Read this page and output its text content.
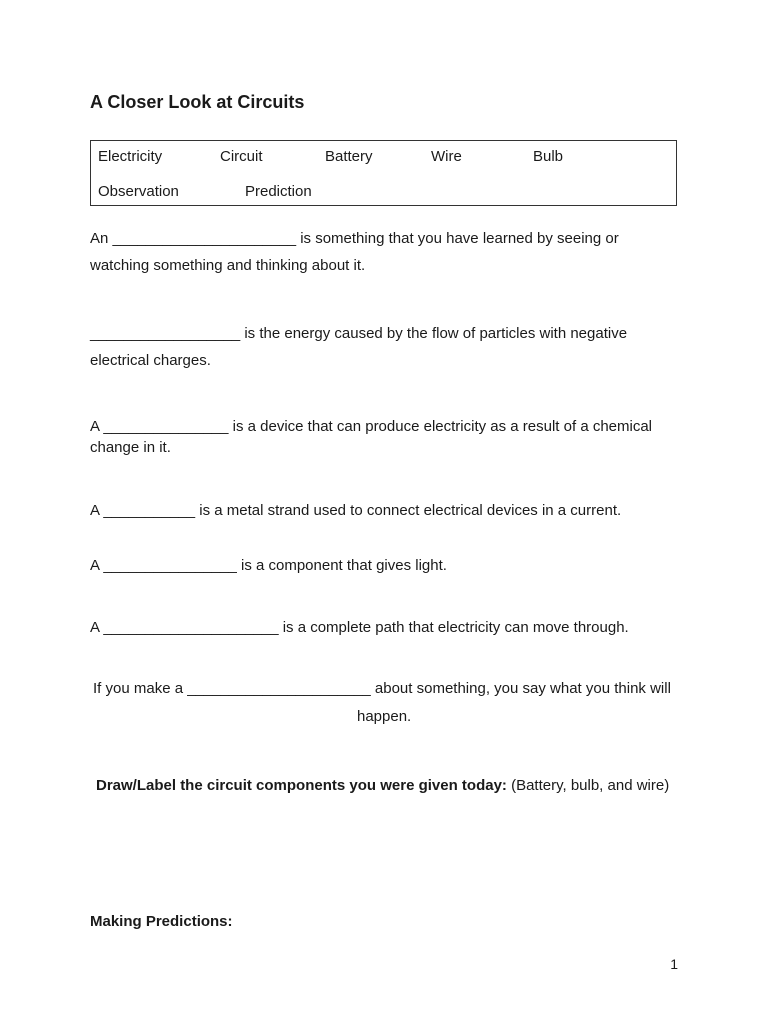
A Closer Look at Circuits
Electricity	Circuit	Battery	Wire	Bulb
Observation	Prediction
An ______________________ is something that you have learned by seeing or
watching something and thinking about it.
__________________ is the energy caused by the flow of particles with negative
electrical charges.
A _______________ is a device that can produce electricity as a result of a chemical
change in it.
A ___________ is a metal strand used to connect electrical devices in a current.
A ________________ is a component that gives light.
A _____________________ is a complete path that electricity can move through.
If you make a ______________________ about something, you say what you think will
happen.
Draw/Label the circuit components you were given today: (Battery, bulb, and wire)
Making Predictions:
1
